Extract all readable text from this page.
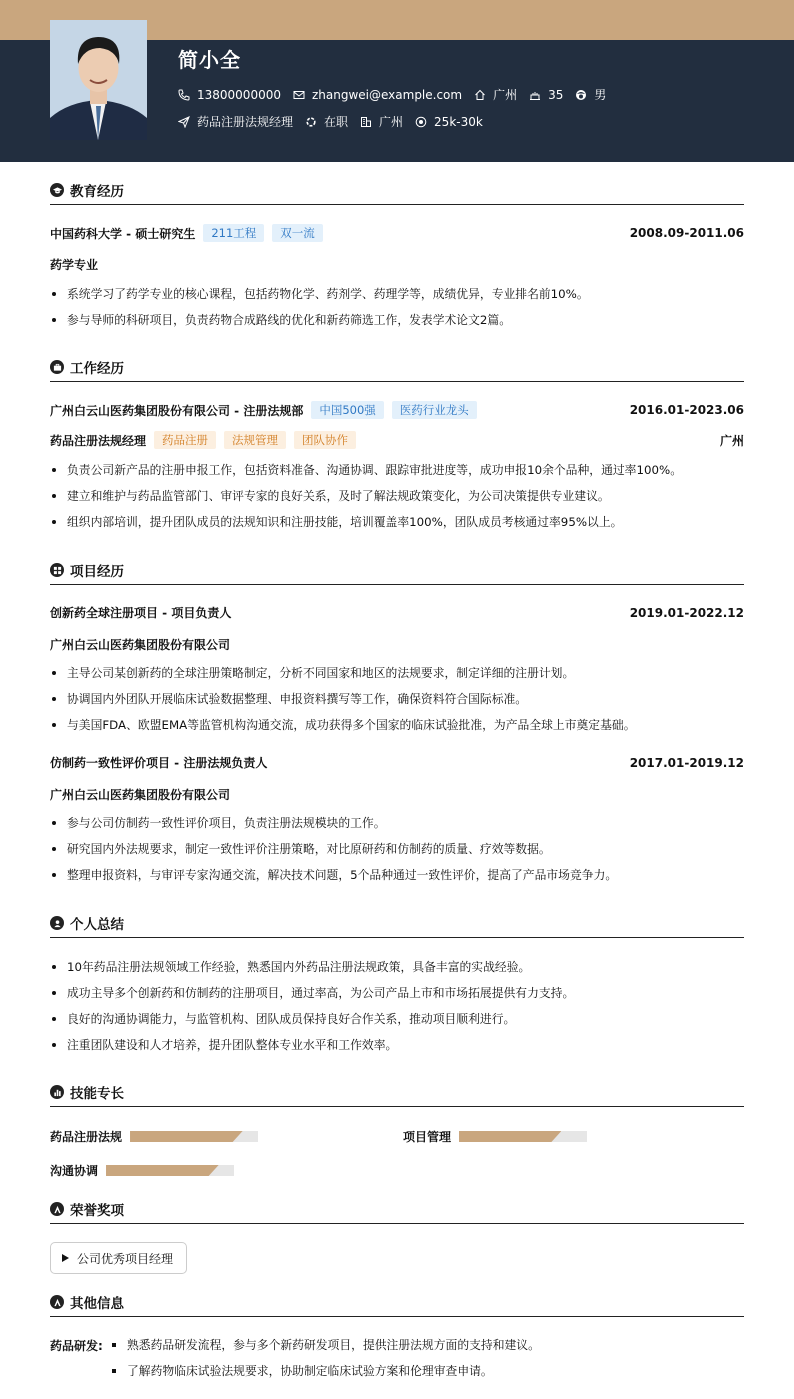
简小全
13800000000	zhangwei@example.com	广州	35	男
药品注册法规经理	在职	广州	25k-30k
教育经历
中国药科大学 - 硕士研究生	211工程	双一流	2008.09-2011.06
药学专业
系统学习了药学专业的核心课程，包括药物化学、药剂学、药理学等，成绩优异，专业排名前10%。
参与导师的科研项目，负责药物合成路线的优化和新药筛选工作，发表学术论文2篇。
工作经历
广州白云山医药集团股份有限公司 - 注册法规部	中国500强	医药行业龙头	2016.01-2023.06
药品注册法规经理	药品注册	法规管理	团队协作	广州
负责公司新产品的注册申报工作，包括资料准备、沟通协调、跟踪审批进度等，成功申报10余个品种，通过率100%。
建立和维护与药品监管部门、审评专家的良好关系，及时了解法规政策变化，为公司决策提供专业建议。
组织内部培训，提升团队成员的法规知识和注册技能，培训覆盖率100%，团队成员考核通过率95%以上。
项目经历
创新药全球注册项目 - 项目负责人	2019.01-2022.12
广州白云山医药集团股份有限公司
主导公司某创新药的全球注册策略制定，分析不同国家和地区的法规要求，制定详细的注册计划。
协调国内外团队开展临床试验数据整理、申报资料撰写等工作，确保资料符合国际标准。
与美国FDA、欧盟EMA等监管机构沟通交流，成功获得多个国家的临床试验批准，为产品全球上市奠定基础。
仿制药一致性评价项目 - 注册法规负责人	2017.01-2019.12
广州白云山医药集团股份有限公司
参与公司仿制药一致性评价项目，负责注册法规模块的工作。
研究国内外法规要求，制定一致性评价注册策略，对比原研药和仿制药的质量、疗效等数据。
整理申报资料，与审评专家沟通交流，解决技术问题，5个品种通过一致性评价，提高了产品市场竞争力。
个人总结
10年药品注册法规领域工作经验，熟悉国内外药品注册法规政策，具备丰富的实战经验。
成功主导多个创新药和仿制药的注册项目，通过率高，为公司产品上市和市场拓展提供有力支持。
良好的沟通协调能力，与监管机构、团队成员保持良好合作关系，推动项目顺利进行。
注重团队建设和人才培养，提升团队整体专业水平和工作效率。
技能专长
药品注册法规	项目管理
沟通协调
荣誉奖项
公司优秀项目经理
其他信息
药品研发:	熟悉药品研发流程，参与多个新药研发项目，提供注册法规方面的支持和建议。
了解药物临床试验法规要求，协助制定临床试验方案和伦理审查申请。
